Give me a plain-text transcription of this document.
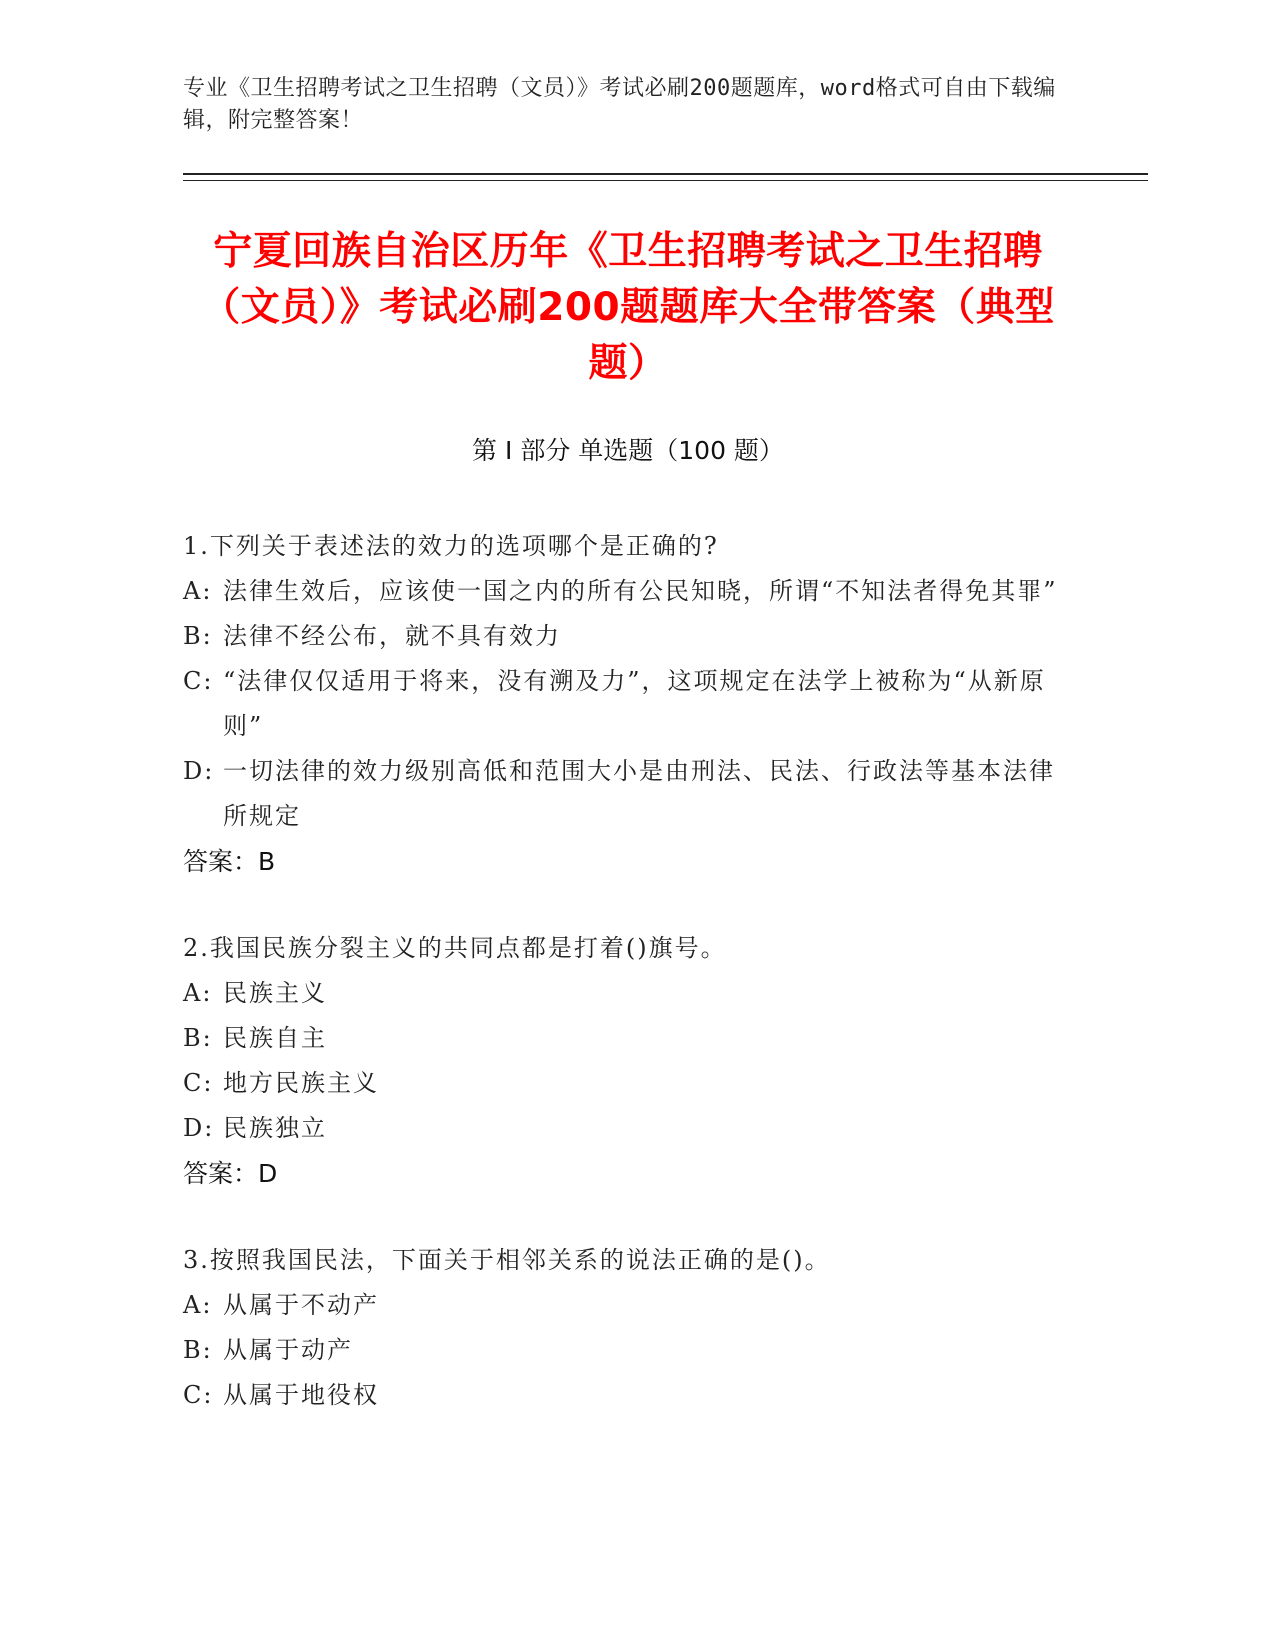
专业《卫生招聘考试之卫生招聘（文员）》考试必刷200题题库，word格式可自由下载编辑，附完整答案！
宁夏回族自治区历年《卫生招聘考试之卫生招聘（文员）》考试必刷200题题库大全带答案（典型题）
第 I 部分 单选题（100 题）
1.下列关于表述法的效力的选项哪个是正确的?
A: 法律生效后，应该使一国之内的所有公民知晓，所谓“不知法者得免其罪”
B: 法律不经公布，就不具有效力
C: “法律仅仅适用于将来，没有溯及力”，这项规定在法学上被称为“从新原则”
D: 一切法律的效力级别高低和范围大小是由刑法、民法、行政法等基本法律所规定
答案：B
2.我国民族分裂主义的共同点都是打着()旗号。
A: 民族主义
B: 民族自主
C: 地方民族主义
D: 民族独立
答案：D
3.按照我国民法，下面关于相邻关系的说法正确的是()。
A: 从属于不动产
B: 从属于动产
C: 从属于地役权
